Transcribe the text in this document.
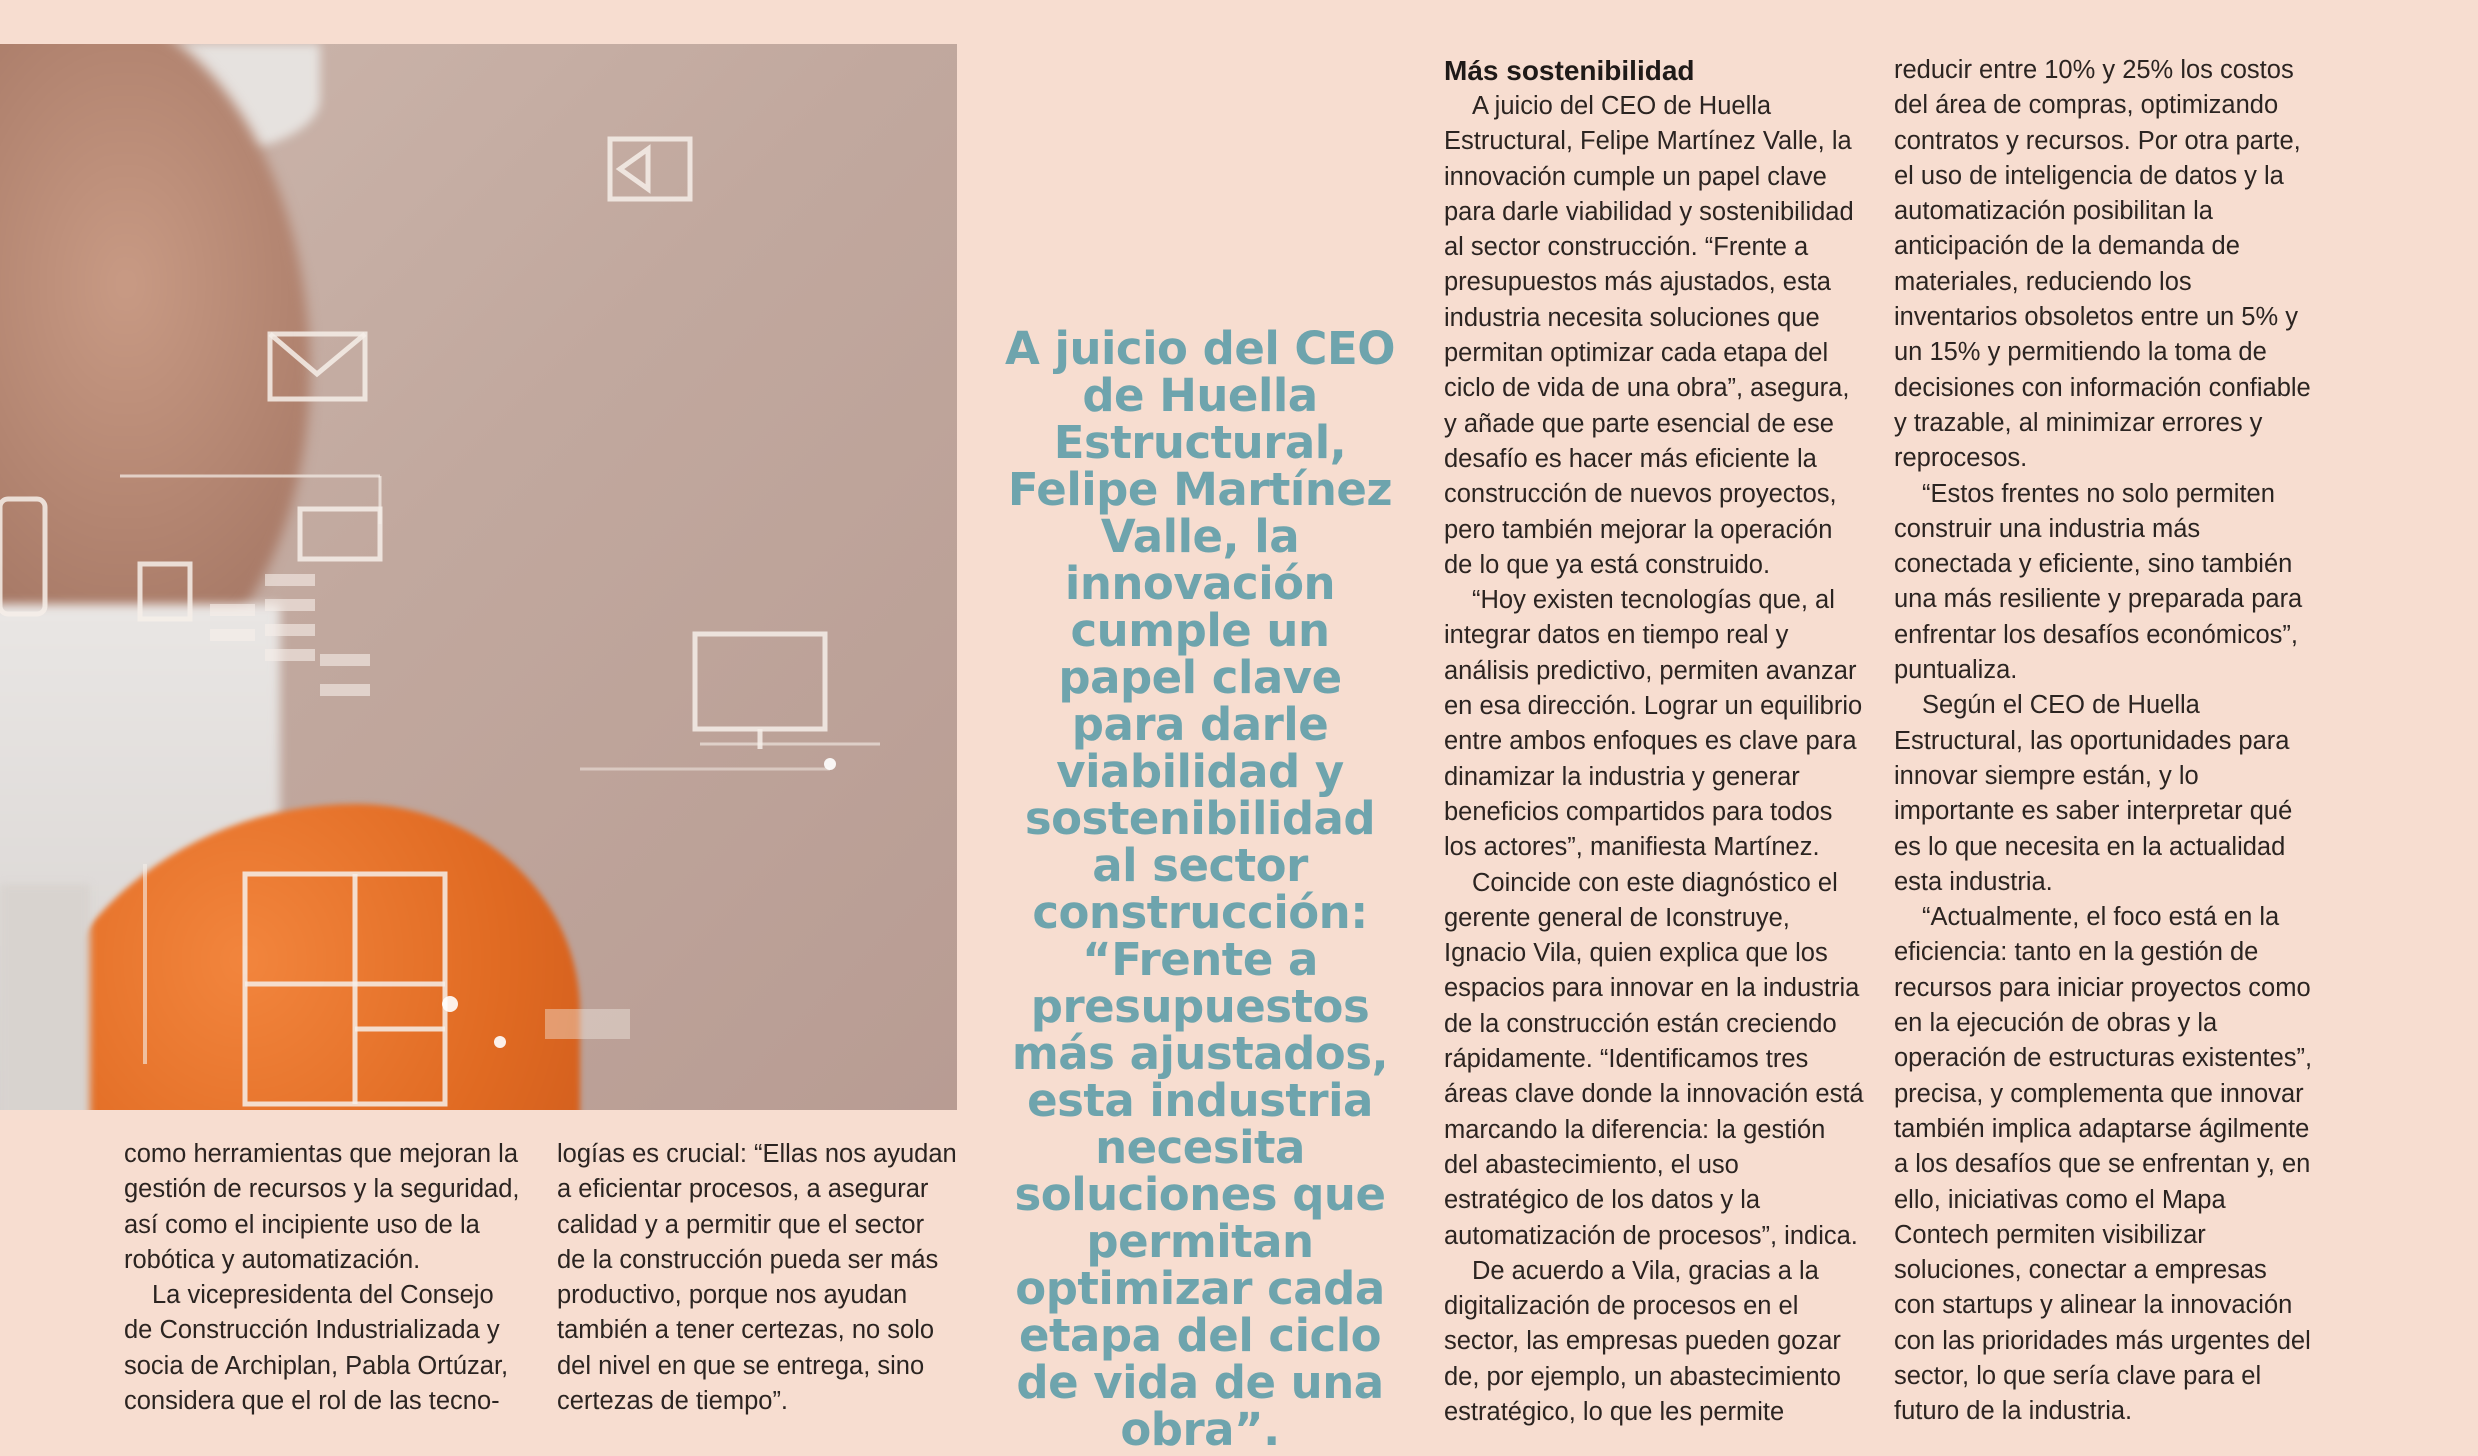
como herramientas que mejoran la gestión de recursos y la seguridad, así como el incipiente uso de la robótica y automatización.

La vicepresidenta del Consejo de Construcción Industrializada y socia de Archiplan, Pabla Ortúzar, considera que el rol de las tecno-

logías es crucial: “Ellas nos ayudan a eficientar procesos, a asegurar calidad y a permitir que el sector de la construcción pueda ser más productivo, porque nos ayudan también a tener certezas, no solo del nivel en que se entrega, sino certezas de tiempo”.

A juicio del CEO de Huella Estructural, Felipe Martínez Valle, la innovación cumple un papel clave para darle viabilidad y sostenibilidad al sector construcción: “Frente a presupuestos más ajustados, esta industria necesita soluciones que permitan optimizar cada etapa del ciclo de vida de una obra”.
Más sostenibilidad

A juicio del CEO de Huella Estructural, Felipe Martínez Valle, la innovación cumple un papel clave para darle viabilidad y sostenibilidad al sector construcción. “Frente a presupuestos más ajustados, esta industria necesita soluciones que permitan optimizar cada etapa del ciclo de vida de una obra”, asegura, y añade que parte esencial de ese desafío es hacer más eficiente la construcción de nuevos proyectos, pero también mejorar la operación de lo que ya está construido.

“Hoy existen tecnologías que, al integrar datos en tiempo real y análisis predictivo, permiten avanzar en esa dirección. Lograr un equilibrio entre ambos enfoques es clave para dinamizar la industria y generar beneficios compartidos para todos los actores”, manifiesta Martínez.

Coincide con este diagnóstico el gerente general de Iconstruye, Ignacio Vila, quien explica que los espacios para innovar en la industria de la construcción están creciendo rápidamente. “Identificamos tres áreas clave donde la innovación está marcando la diferencia: la gestión del abastecimiento, el uso estratégico de los datos y la automatización de procesos”, indica.

De acuerdo a Vila, gracias a la digitalización de procesos en el sector, las empresas pueden gozar de, por ejemplo, un abastecimiento estratégico, lo que les permite

reducir entre 10% y 25% los costos del área de compras, optimizando contratos y recursos. Por otra parte, el uso de inteligencia de datos y la automatización posibilitan la anticipación de la demanda de materiales, reduciendo los inventarios obsoletos entre un 5% y un 15% y permitiendo la toma de decisiones con información confiable y trazable, al minimizar errores y reprocesos.

“Estos frentes no solo permiten construir una industria más conectada y eficiente, sino también una más resiliente y preparada para enfrentar los desafíos económicos”, puntualiza.

Según el CEO de Huella Estructural, las oportunidades para innovar siempre están, y lo importante es saber interpretar qué es lo que necesita en la actualidad esta industria.

“Actualmente, el foco está en la eficiencia: tanto en la gestión de recursos para iniciar proyectos como en la ejecución de obras y la operación de estructuras existentes”, precisa, y complementa que innovar también implica adaptarse ágilmente a los desafíos que se enfrentan y, en ello, iniciativas como el Mapa Contech permiten visibilizar soluciones, conectar a empresas con startups y alinear la innovación con las prioridades más urgentes del sector, lo que sería clave para el futuro de la industria.
